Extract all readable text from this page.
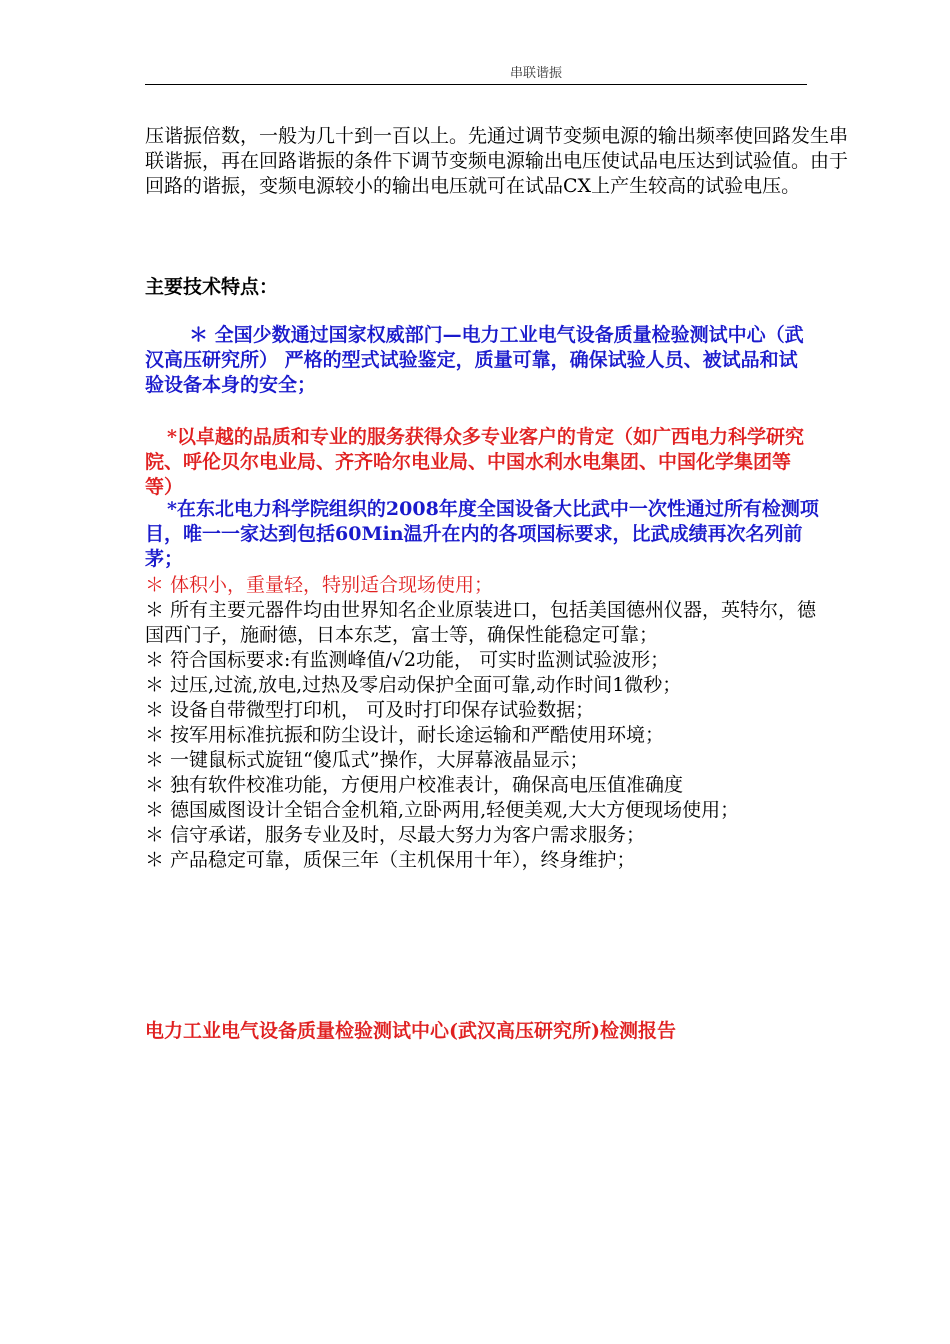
串联谐振
压谐振倍数，一般为几十到一百以上。先通过调节变频电源的输出频率使回路发生串联谐振，再在回路谐振的条件下调节变频电源输出电压使试品电压达到试验值。由于回路的谐振，变频电源较小的输出电压就可在试品CX上产生较高的试验电压。
主要技术特点：
＊ 全国少数通过国家权威部门—电力工业电气设备质量检验测试中心（武汉高压研究所） 严格的型式试验鉴定，质量可靠，确保试验人员、被试品和试验设备本身的安全；
*以卓越的品质和专业的服务获得众多专业客户的肯定（如广西电力科学研究院、呼伦贝尔电业局、齐齐哈尔电业局、中国水利水电集团、中国化学集团等等）
*在东北电力科学院组织的2008年度全国设备大比武中一次性通过所有检测项目，唯一一家达到包括60Min温升在内的各项国标要求，比武成绩再次名列前茅；
＊ 体积小，重量轻，特别适合现场使用；
＊ 所有主要元器件均由世界知名企业原装进口，包括美国德州仪器，英特尔，德国西门子，施耐德，日本东芝，富士等，确保性能稳定可靠；
＊ 符合国标要求:有监测峰值/√2功能， 可实时监测试验波形；
＊ 过压,过流,放电,过热及零启动保护全面可靠,动作时间1微秒；
＊ 设备自带微型打印机， 可及时打印保存试验数据；
＊ 按军用标准抗振和防尘设计，耐长途运输和严酷使用环境；
＊ 一键鼠标式旋钮“傻瓜式”操作，大屏幕液晶显示；
＊ 独有软件校准功能，方便用户校准表计，确保高电压值准确度
＊ 德国威图设计全铝合金机箱,立卧两用,轻便美观,大大方便现场使用；
＊ 信守承诺，服务专业及时，尽最大努力为客户需求服务；
＊ 产品稳定可靠，质保三年（主机保用十年），终身维护；
电力工业电气设备质量检验测试中心(武汉高压研究所)检测报告
